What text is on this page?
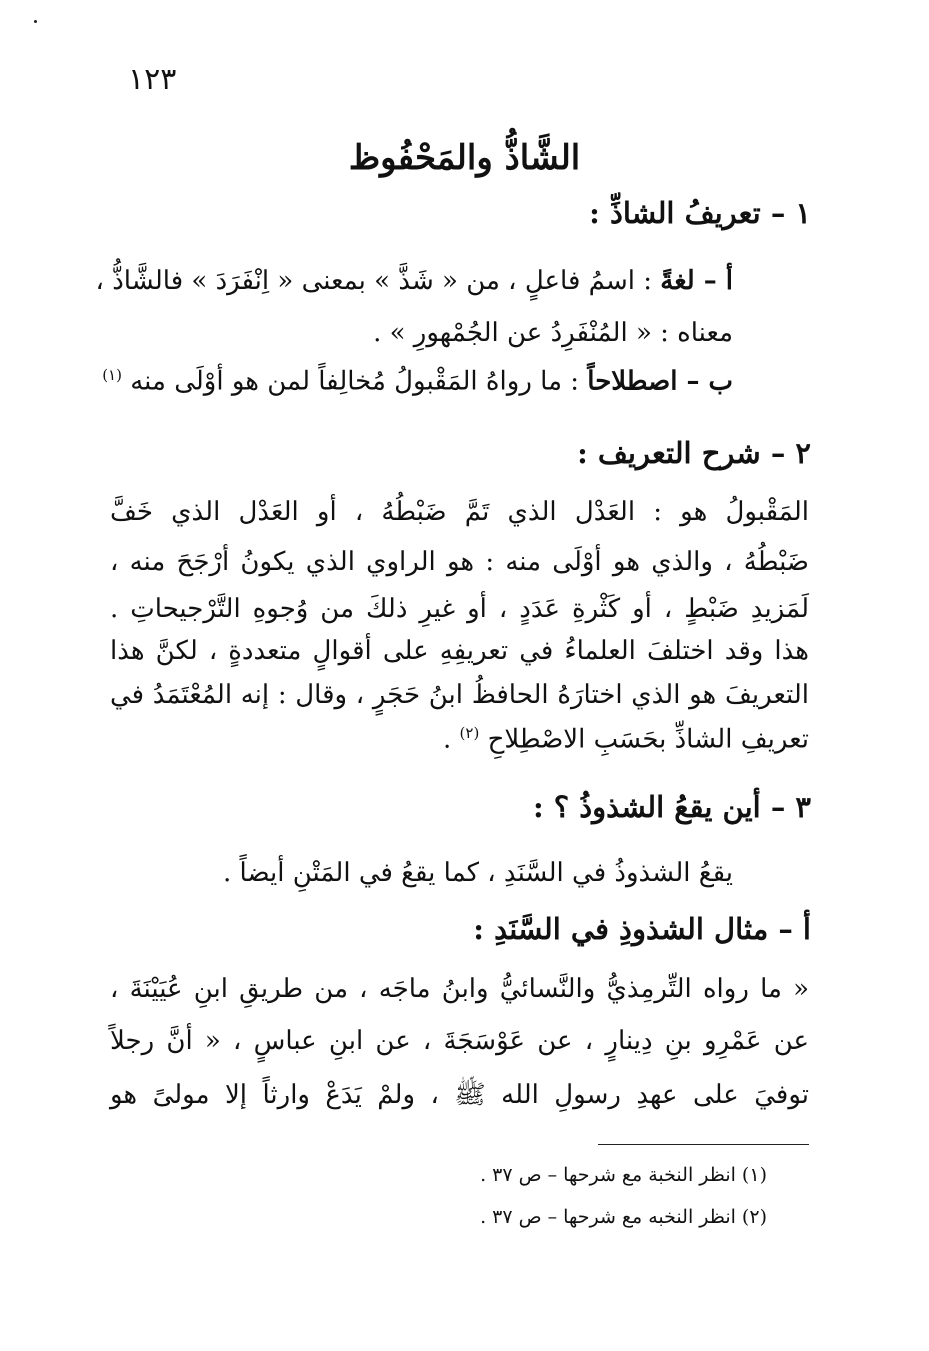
١٢٣
الشَّاذُّ والمَحْفُوظ
١ – تعريفُ الشاذِّ :
أ – لغةً : اسمُ فاعلٍ ، من « شَذَّ » بمعنى « اِنْفَرَدَ » فالشَّاذُّ ،
معناه : « المُنْفَرِدُ عن الجُمْهورِ » .
ب – اصطلاحاً : ما رواهُ المَقْبولُ مُخالِفاً لمن هو أوْلَى منه $^{(١)}$
٢ – شرح التعريف :
المَقْبولُ هو : العَدْل الذي تَمَّ ضَبْطُهُ ، أو العَدْل الذي خَفَّ
ضَبْطُهُ ، والذي هو أوْلَى منه : هو الراوي الذي يكونُ أرْجَحَ منه ،
لَمَزيدِ ضَبْطٍ ، أو كَثْرةِ عَدَدٍ ، أو غيرِ ذلكَ من وُجوهِ التَّرْجيحاتِ .
هذا وقد اختلفَ العلماءُ في تعريفِهِ على أقوالٍ متعددةٍ ، لكنَّ هذا
التعريفَ هو الذي اختارَهُ الحافظُ ابنُ حَجَرٍ ، وقال : إنه المُعْتَمَدُ في
تعريفِ الشاذِّ بحَسَبِ الاصْطِلاحِ $^{(٢)}$ .
٣ – أين يقعُ الشذوذُ ؟ :
يقعُ الشذوذُ في السَّنَدِ ، كما يقعُ في المَتْنِ أيضاً .
أ – مثال الشذوذِ في السَّنَدِ :
« ما رواه التِّرمِذيُّ والنَّسائيُّ وابنُ ماجَه ، من طريقِ ابنِ عُيَيْنَةَ ،
عن عَمْرِو بنِ دِينارٍ ، عن عَوْسَجَةَ ، عن ابنِ عباسٍ ، « أنَّ رجلاً
توفيَ على عهدِ رسولِ الله ﷺ ، ولمْ يَدَعْ وارثاً إلا مولىً هو
(١) انظر النخبة مع شرحها – ص ٣٧ .
(٢) انظر النخبه مع شرحها – ص ٣٧ .
